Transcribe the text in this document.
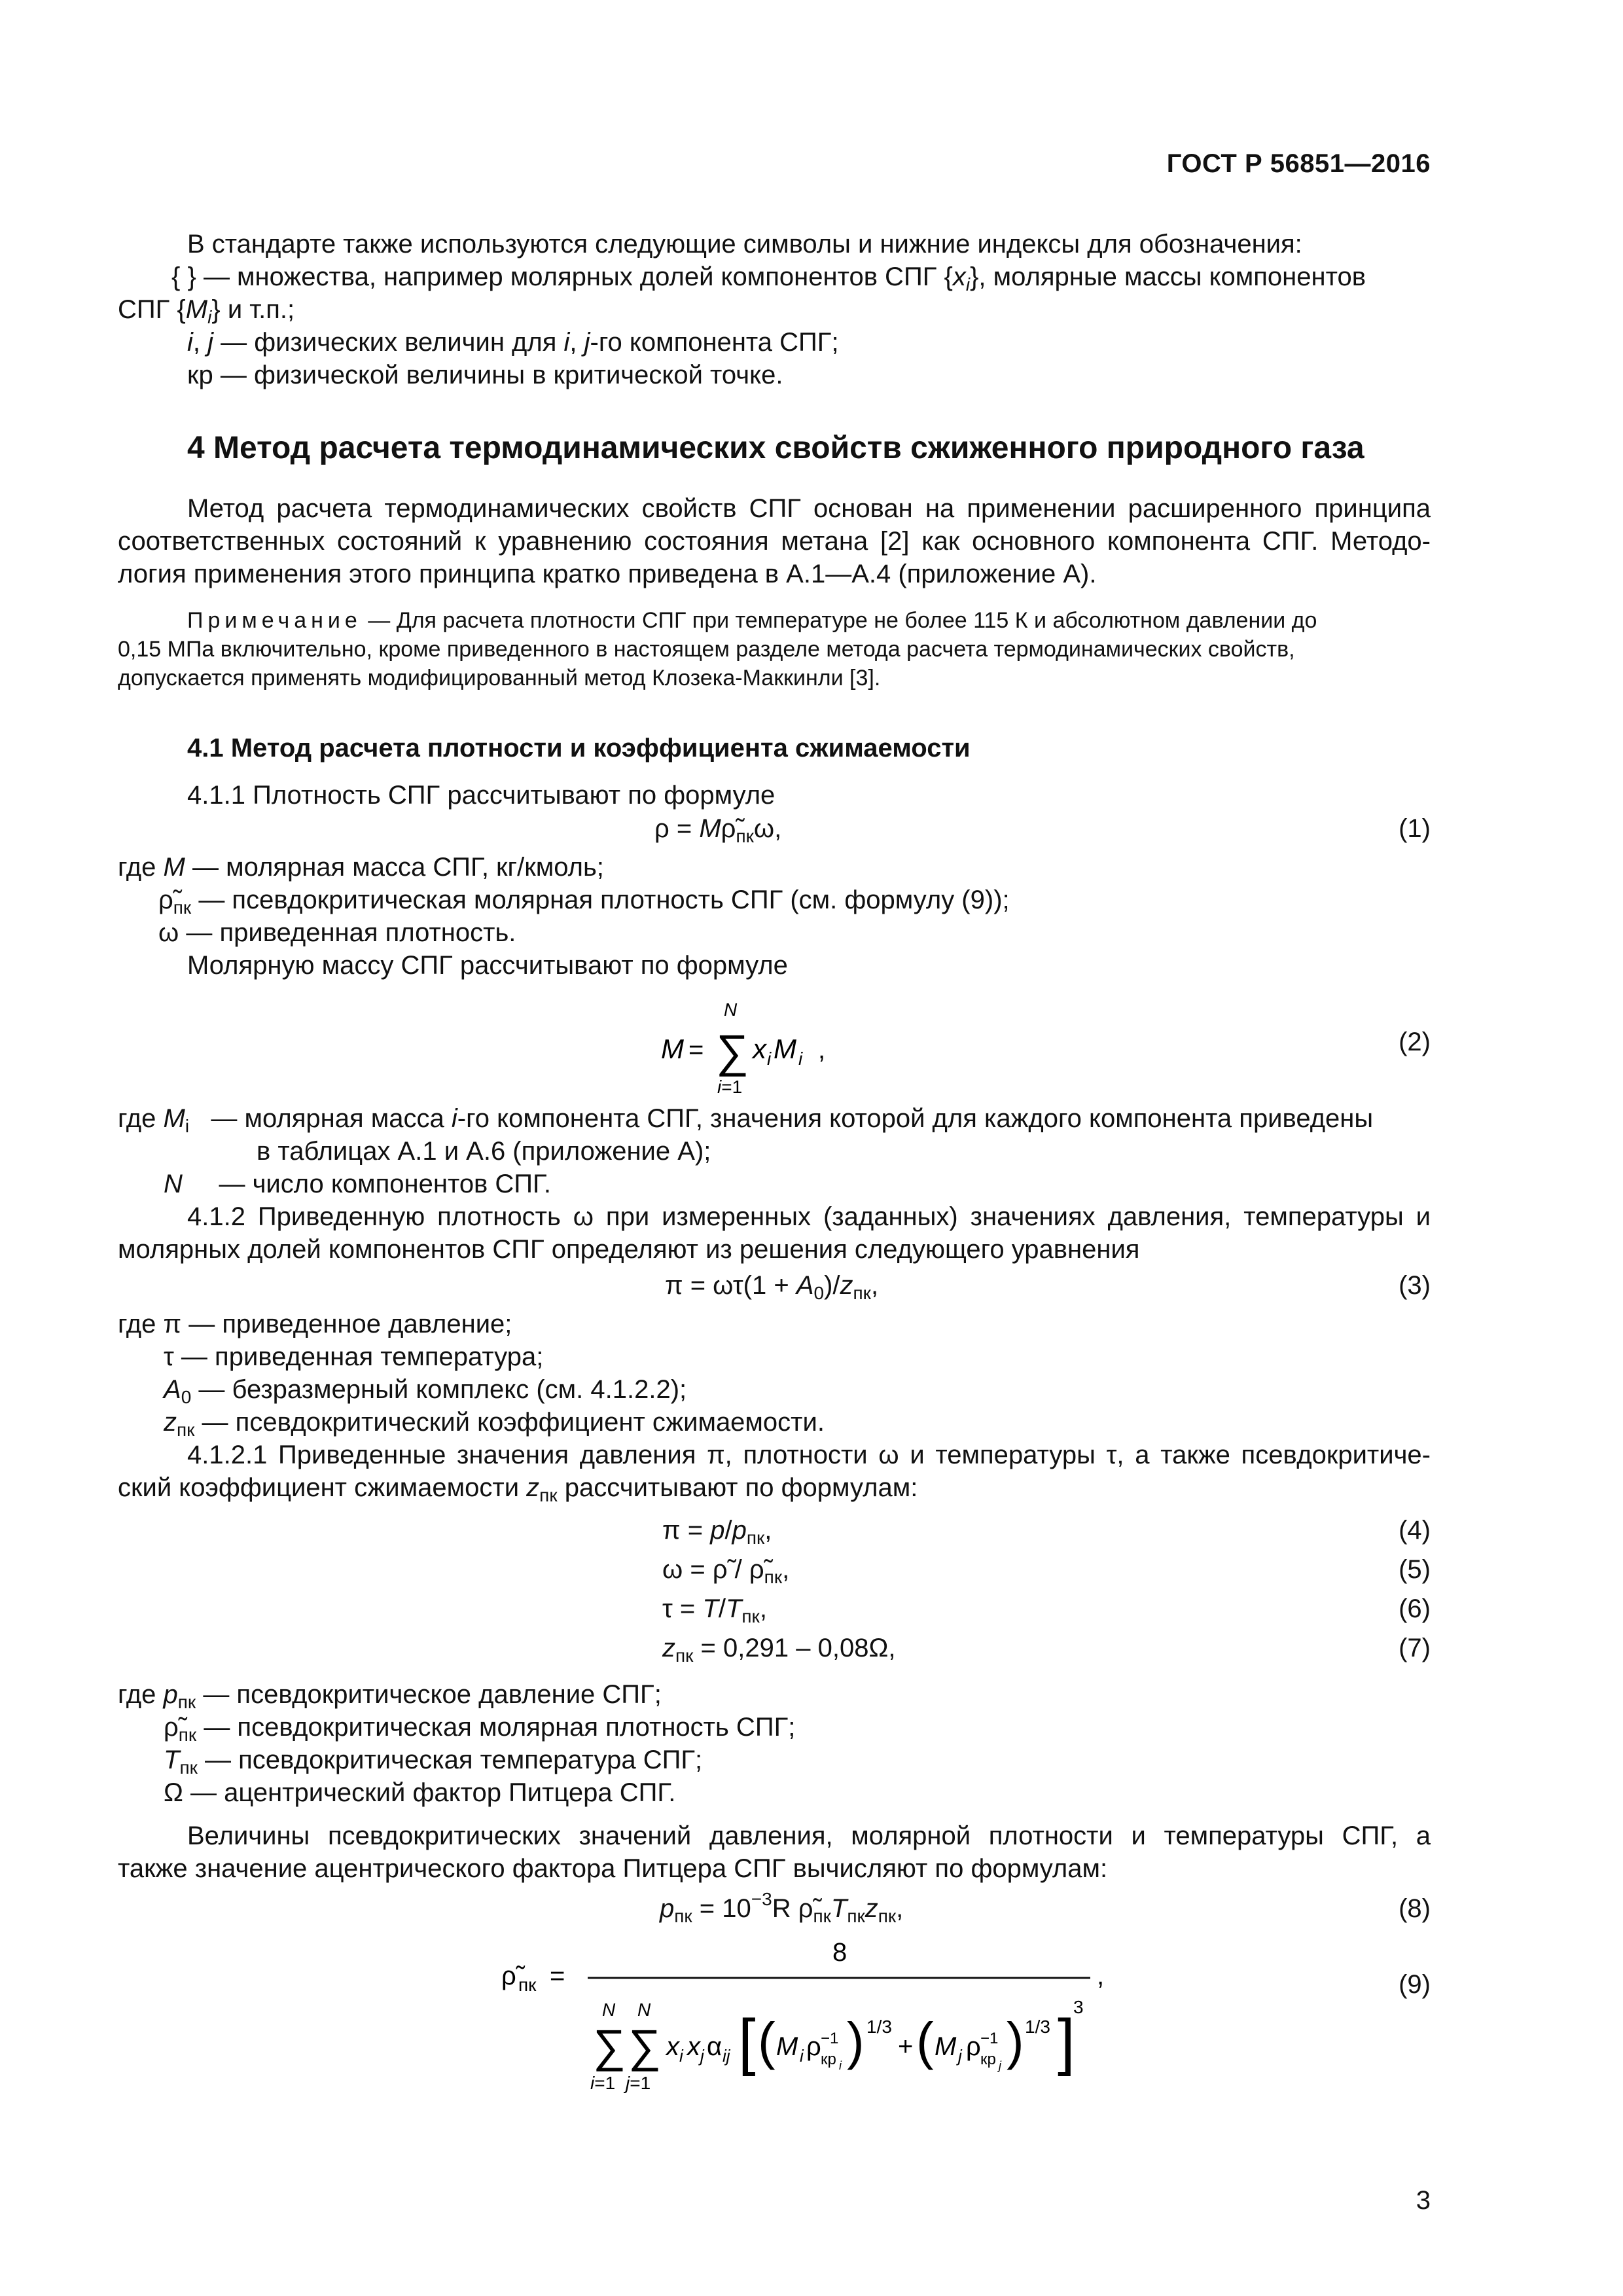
ГОСТ Р 56851—2016
В стандарте также используются следующие символы и нижние индексы для обозначения:
{ } — множества, например молярных долей компонентов СПГ $\{x_i\}$, молярные массы компонентов
СПГ $\{M_i\}$ и т.п.;
i, j — физических величин для i, j-го компонента СПГ;
кр — физической величины в критической точке.
4 Метод расчета термодинамических свойств сжиженного природного газа
Метод расчета термодинамических свойств СПГ основан на применении расширенного принципа
соответственных состояний к уравнению состояния метана [2] как основного компонента СПГ. Методо-
логия применения этого принципа кратко приведена в А.1—А.4 (приложение А).
Примечание — Для расчета плотности СПГ при температуре не более 115 К и абсолютном давлении до
0,15 МПа включительно, кроме приведенного в настоящем разделе метода расчета термодинамических свойств,
допускается применять модифицированный метод Клозека-Маккинли [3].
4.1 Метод расчета плотности и коэффициента сжимаемости
4.1.1 Плотность СПГ рассчитывают по формуле
$\rho = M\rhõ_{пк}\omega$,	(1)
где M — молярная масса СПГ, кг/кмоль;
$\rhõ_{пк}$ — псевдокритическая молярная плотность СПГ (см. формулу (9));
ω — приведенная плотность.
Молярную массу СПГ рассчитывают по формуле
M =
N
∑
i=1
x i M i ,	(2)
где $M_i$ — молярная масса i-го компонента СПГ, значения которой для каждого компонента приведены
в таблицах А.1 и А.6 (приложение А);
N — число компонентов СПГ.
4.1.2 Приведенную плотность ω при измеренных (заданных) значениях давления, температуры и
молярных долей компонентов СПГ определяют из решения следующего уравнения
$\pi = \omega\tau(1 + A_0)/z_{пк}$,	(3)
где π — приведенное давление;
τ — приведенная температура;
$A_0$ — безразмерный комплекс (см. 4.1.2.2);
$z_{пк}$ — псевдокритический коэффициент сжимаемости.
4.1.2.1 Приведенные значения давления π, плотности ω и температуры τ, а также псевдокритиче-
ский коэффициент сжимаемости $z_{пк}$ рассчитывают по формулам:
$\pi = p/p_{пк}$,	(4)
ω = ρ̃ / $\rhõ_{пк}$,	(5)
$\tau = T/T_{пк}$,	(6)
$z_{пк} = 0,291 - 0,08\Omega$,	(7)
где $p_{пк}$ — псевдокритическое давление СПГ;
$\rhõ_{пк}$ — псевдокритическая молярная плотность СПГ;
$T_{пк}$ — псевдокритическая температура СПГ;
Ω — ацентрический фактор Питцера СПГ.
Величины псевдокритических значений давления, молярной плотности и температуры СПГ, а
также значение ацентрического фактора Питцера СПГ вычисляют по формулам:
$p_{пк} = 10^{-3}R$ $\rhõ_{пк}T_{пк}z_{пк}$,	(8)
ρ̃ пк =
8
N
∑
i=1
N
∑
j=1
x i x j α ij [ ( M i ρ −1
кр i ) 1/3
+ ( M j ρ −1
кр j ) 1/3 ]
3
,	(9)
3
